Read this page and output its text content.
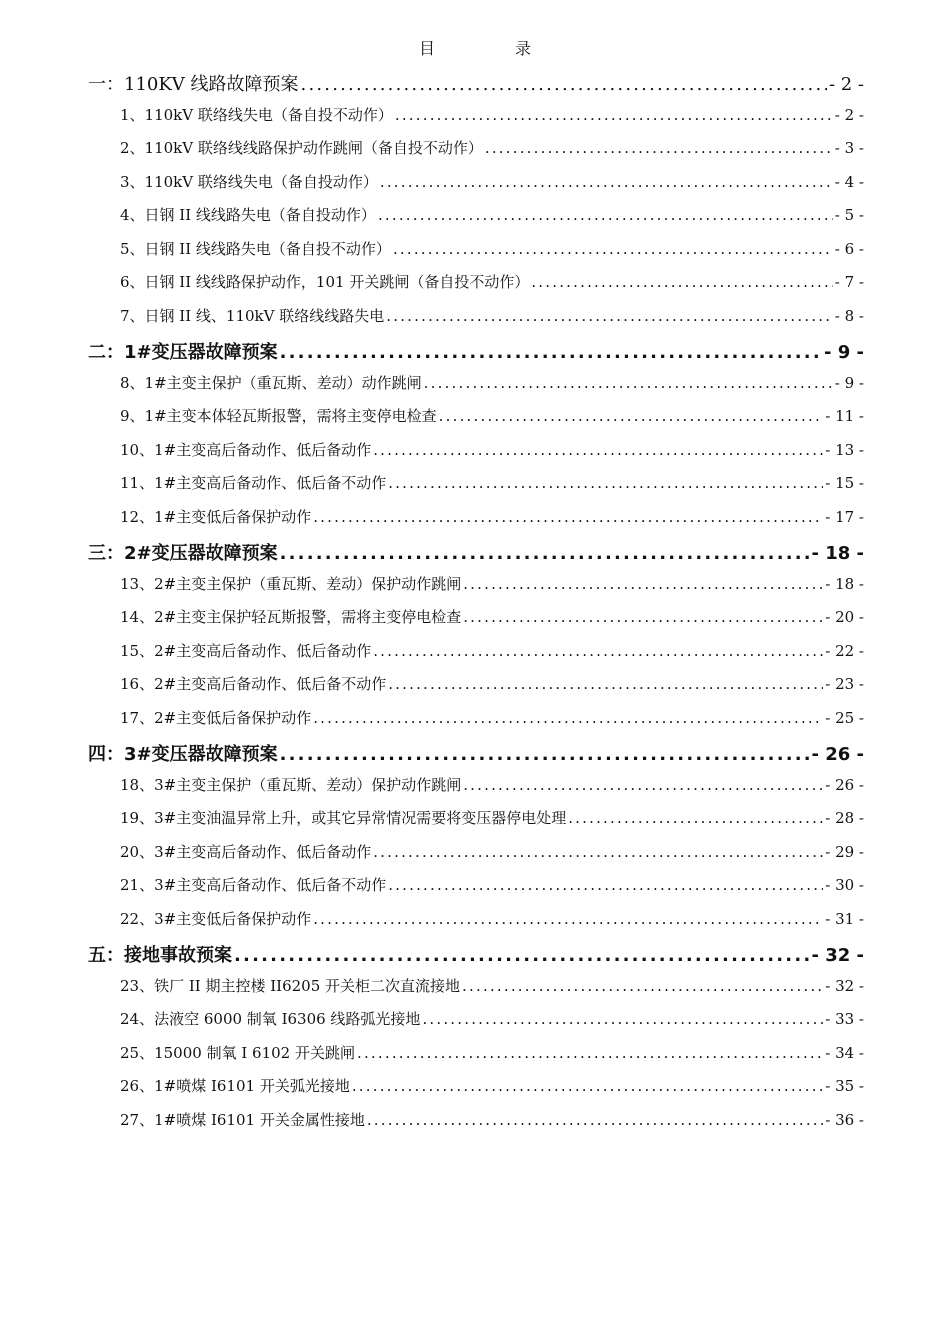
目　录
一：110KV 线路故障预案 .....	- 2 -
1、110kV 联络线失电（备自投不动作） .....	- 2 -
2、110kV 联络线线路保护动作跳闸（备自投不动作） .....	- 3 -
3、110kV 联络线失电（备自投动作） .....	- 4 -
4、日钢 II 线线路失电（备自投动作） .....	- 5 -
5、日钢 II 线线路失电（备自投不动作） .....	- 6 -
6、日钢 II 线线路保护动作，101 开关跳闸（备自投不动作） .....	- 7 -
7、日钢 II 线、110kV 联络线线路失电 .....	- 8 -
二：1#变压器故障预案 .....	- 9 -
8、1#主变主保护（重瓦斯、差动）动作跳闸 .....	- 9 -
9、1#主变本体轻瓦斯报警，需将主变停电检查 .....	- 11 -
10、1#主变高后备动作、低后备动作 .....	- 13 -
11、1#主变高后备动作、低后备不动作 .....	- 15 -
12、1#主变低后备保护动作 .....	- 17 -
三：2#变压器故障预案 .....	- 18 -
13、2#主变主保护（重瓦斯、差动）保护动作跳闸 .....	- 18 -
14、2#主变主保护轻瓦斯报警，需将主变停电检查 .....	- 20 -
15、2#主变高后备动作、低后备动作 .....	- 22 -
16、2#主变高后备动作、低后备不动作 .....	- 23 -
17、2#主变低后备保护动作 .....	- 25 -
四：3#变压器故障预案 .....	- 26 -
18、3#主变主保护（重瓦斯、差动）保护动作跳闸 .....	- 26 -
19、3#主变油温异常上升，或其它异常情况需要将变压器停电处理 .....	- 28 -
20、3#主变高后备动作、低后备动作 .....	- 29 -
21、3#主变高后备动作、低后备不动作 .....	- 30 -
22、3#主变低后备保护动作 .....	- 31 -
五：接地事故预案 .....	- 32 -
23、铁厂 II 期主控楼 II6205 开关柜二次直流接地 .....	- 32 -
24、法液空 6000 制氧 I6306 线路弧光接地 .....	- 33 -
25、15000 制氧 I 6102 开关跳闸 .....	- 34 -
26、1#喷煤 I6101 开关弧光接地 .....	- 35 -
27、1#喷煤 I6101 开关金属性接地 .....	- 36 -
